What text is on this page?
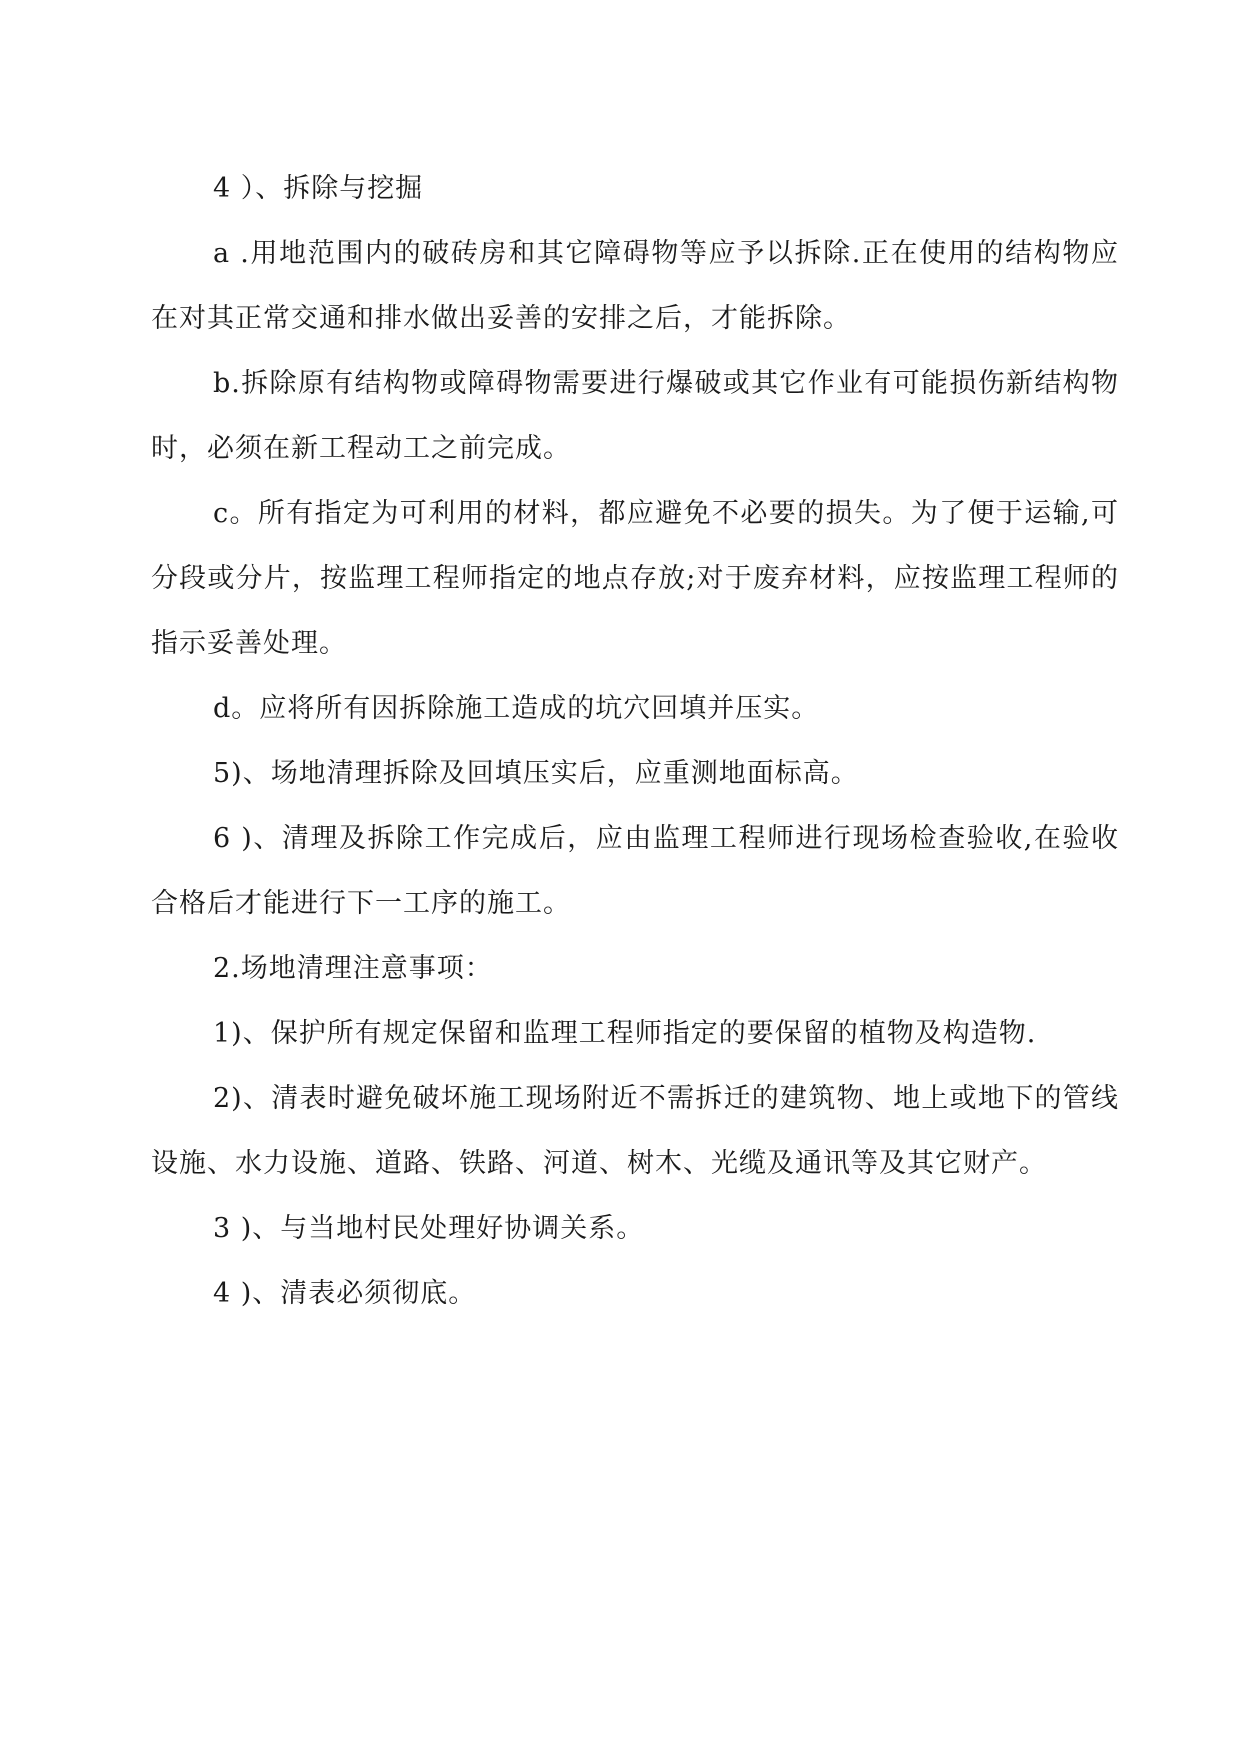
4 ）、拆除与挖掘

a .用地范围内的破砖房和其它障碍物等应予以拆除.正在使用的结构物应在对其正常交通和排水做出妥善的安排之后，才能拆除。

b.拆除原有结构物或障碍物需要进行爆破或其它作业有可能损伤新结构物时，必须在新工程动工之前完成。

c。所有指定为可利用的材料，都应避免不必要的损失。为了便于运输,可分段或分片，按监理工程师指定的地点存放;对于废弃材料，应按监理工程师的指示妥善处理。

d。应将所有因拆除施工造成的坑穴回填并压实。

5)、场地清理拆除及回填压实后，应重测地面标高。

6 )、清理及拆除工作完成后，应由监理工程师进行现场检查验收,在验收合格后才能进行下一工序的施工。

2.场地清理注意事项：

1)、保护所有规定保留和监理工程师指定的要保留的植物及构造物.

2)、清表时避免破坏施工现场附近不需拆迁的建筑物、地上或地下的管线设施、水力设施、道路、铁路、河道、树木、光缆及通讯等及其它财产。

3 )、与当地村民处理好协调关系。

4 )、清表必须彻底。
